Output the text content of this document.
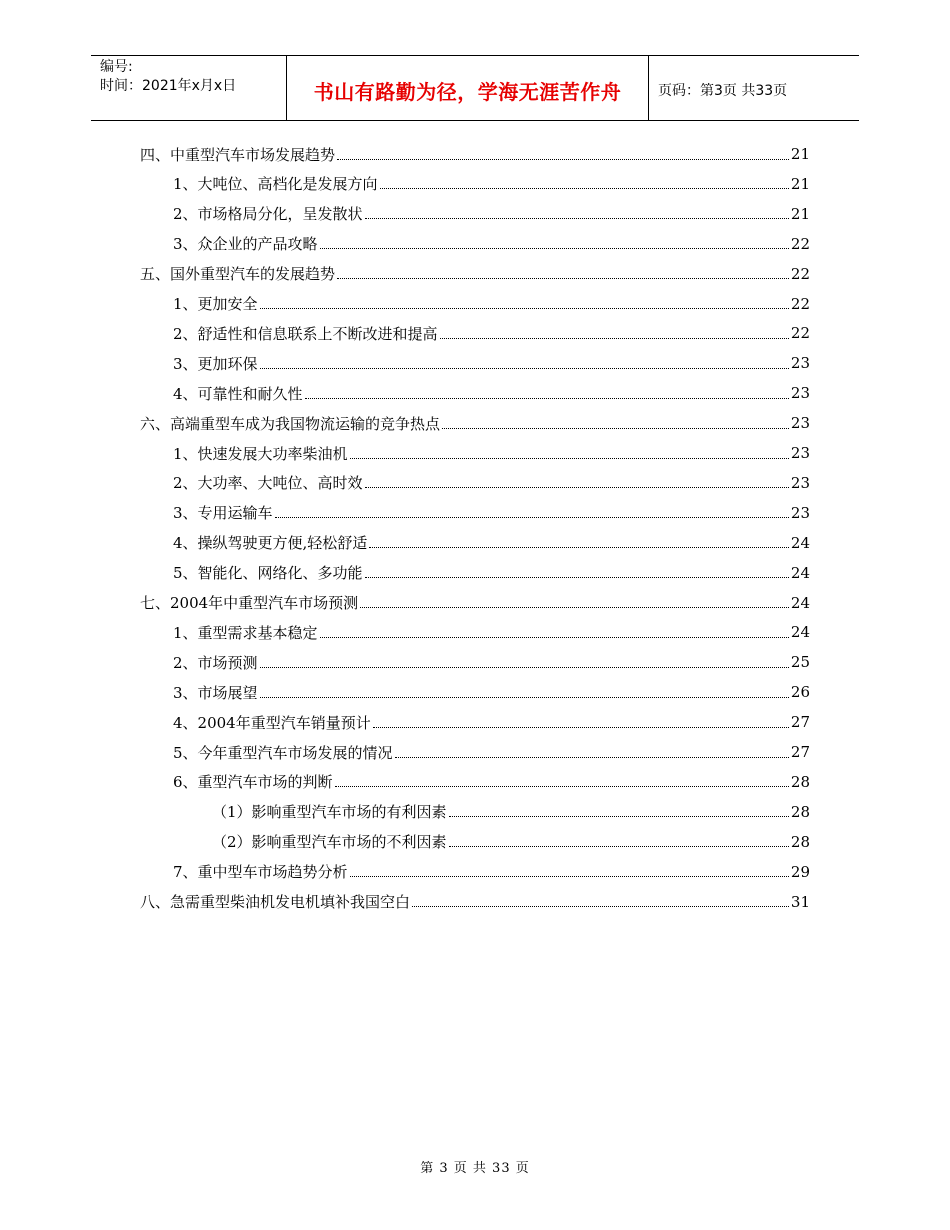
编号:
时间：2021年x月x日	书山有路勤为径，学海无涯苦作舟	页码：第3页 共33页
四、中重型汽车市场发展趋势	21
1、大吨位、高档化是发展方向	21
2、市场格局分化，呈发散状	21
3、众企业的产品攻略	22
五、国外重型汽车的发展趋势	22
1、更加安全	22
2、舒适性和信息联系上不断改进和提高	22
3、更加环保	23
4、可靠性和耐久性	23
六、高端重型车成为我国物流运输的竞争热点	23
1、快速发展大功率柴油机	23
2、大功率、大吨位、高时效	23
3、专用运输车	23
4、操纵驾驶更方便,轻松舒适	24
5、智能化、网络化、多功能	24
七、2004年中重型汽车市场预测	24
1、重型需求基本稳定	24
2、市场预测	25
3、市场展望	26
4、2004年重型汽车销量预计	27
5、今年重型汽车市场发展的情况	27
6、重型汽车市场的判断	28
（1）影响重型汽车市场的有利因素	28
（2）影响重型汽车市场的不利因素	28
7、重中型车市场趋势分析	29
八、急需重型柴油机发电机填补我国空白	31
第 3 页 共 33 页
